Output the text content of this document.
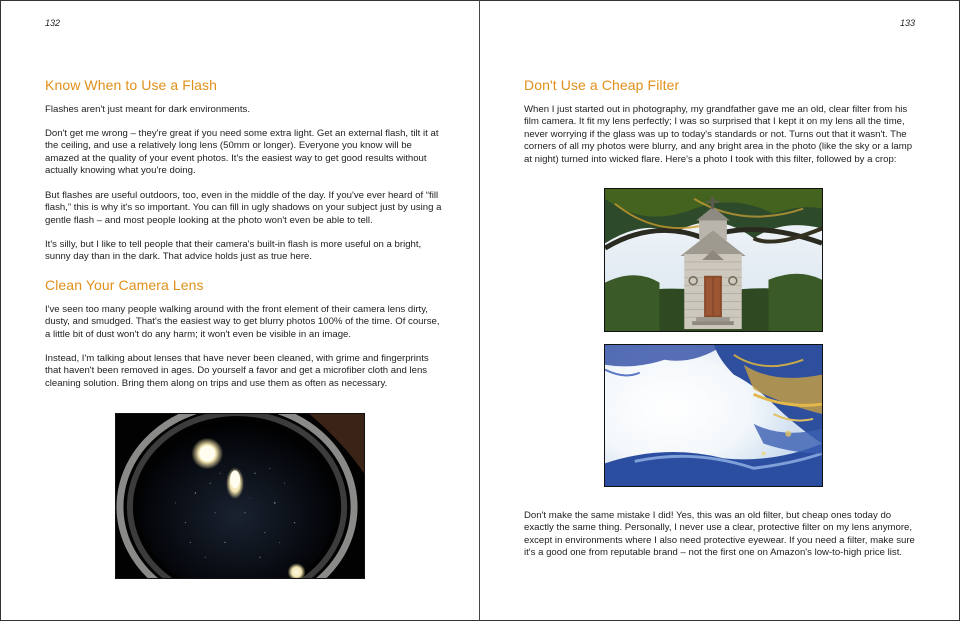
132
Know When to Use a Flash

Flashes aren't just meant for dark environments.

Don't get me wrong – they're great if you need some extra light. Get an external flash, tilt it at the ceiling, and use a relatively long lens (50mm or longer). Everyone you know will be amazed at the quality of your event photos. It's the easiest way to get good results without actually knowing what you're doing.

But flashes are useful outdoors, too, even in the middle of the day. If you've ever heard of “fill flash,” this is why it's so important. You can fill in ugly shadows on your subject just by using a gentle flash – and most people looking at the photo won't even be able to tell.

It's silly, but I like to tell people that their camera's built-in flash is more useful on a bright, sunny day than in the dark. That advice holds just as true here.

Clean Your Camera Lens

I've seen too many people walking around with the front element of their camera lens dirty, dusty, and smudged. That's the easiest way to get blurry photos 100% of the time. Of course, a little bit of dust won't do any harm; it won't even be visible in an image.

Instead, I'm talking about lenses that have never been cleaned, with grime and fingerprints that haven't been removed in ages. Do yourself a favor and get a microfiber cloth and lens cleaning solution. Bring them along on trips and use them as often as necessary.

133
Don't Use a Cheap Filter

When I just started out in photography, my grandfather gave me an old, clear filter from his film camera. It fit my lens perfectly; I was so surprised that I kept it on my lens all the time, never worrying if the glass was up to today's standards or not. Turns out that it wasn't. The corners of all my photos were blurry, and any bright area in the photo (like the sky or a lamp at night) turned into wicked flare. Here's a photo I took with this filter, followed by a crop:

Don't make the same mistake I did! Yes, this was an old filter, but cheap ones today do exactly the same thing. Personally, I never use a clear, protective filter on my lens anymore, except in environments where I also need protective eyewear. If you need a filter, make sure it's a good one from reputable brand – not the first one on Amazon's low-to-high price list.
